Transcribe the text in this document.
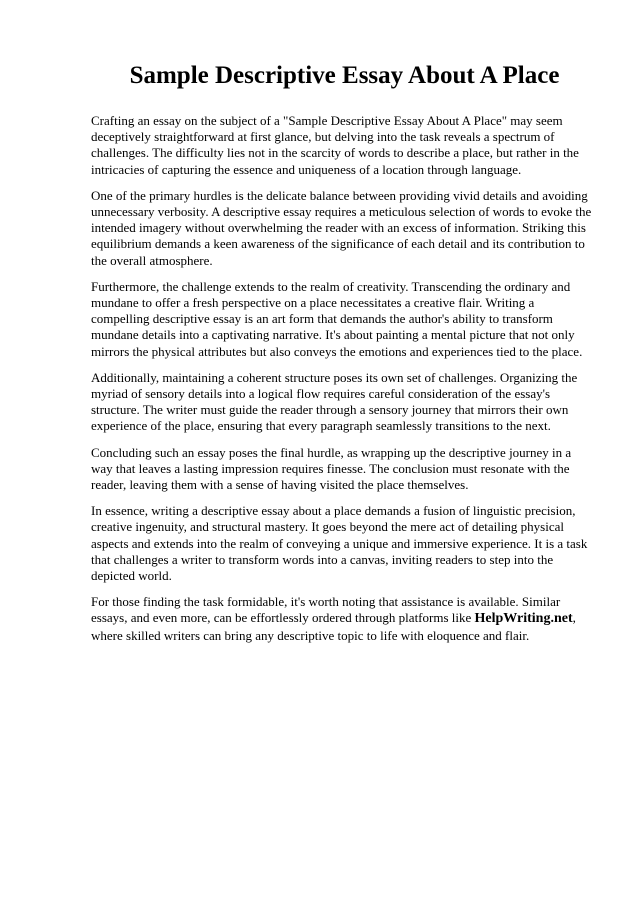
Sample Descriptive Essay About A Place

Crafting an essay on the subject of a "Sample Descriptive Essay About A Place" may seem deceptively straightforward at first glance, but delving into the task reveals a spectrum of challenges. The difficulty lies not in the scarcity of words to describe a place, but rather in the intricacies of capturing the essence and uniqueness of a location through language.

One of the primary hurdles is the delicate balance between providing vivid details and avoiding unnecessary verbosity. A descriptive essay requires a meticulous selection of words to evoke the intended imagery without overwhelming the reader with an excess of information. Striking this equilibrium demands a keen awareness of the significance of each detail and its contribution to the overall atmosphere.

Furthermore, the challenge extends to the realm of creativity. Transcending the ordinary and mundane to offer a fresh perspective on a place necessitates a creative flair. Writing a compelling descriptive essay is an art form that demands the author's ability to transform mundane details into a captivating narrative. It's about painting a mental picture that not only mirrors the physical attributes but also conveys the emotions and experiences tied to the place.

Additionally, maintaining a coherent structure poses its own set of challenges. Organizing the myriad of sensory details into a logical flow requires careful consideration of the essay's structure. The writer must guide the reader through a sensory journey that mirrors their own experience of the place, ensuring that every paragraph seamlessly transitions to the next.

Concluding such an essay poses the final hurdle, as wrapping up the descriptive journey in a way that leaves a lasting impression requires finesse. The conclusion must resonate with the reader, leaving them with a sense of having visited the place themselves.

In essence, writing a descriptive essay about a place demands a fusion of linguistic precision, creative ingenuity, and structural mastery. It goes beyond the mere act of detailing physical aspects and extends into the realm of conveying a unique and immersive experience. It is a task that challenges a writer to transform words into a canvas, inviting readers to step into the depicted world.

For those finding the task formidable, it's worth noting that assistance is available. Similar essays, and even more, can be effortlessly ordered through platforms like HelpWriting.net, where skilled writers can bring any descriptive topic to life with eloquence and flair.
